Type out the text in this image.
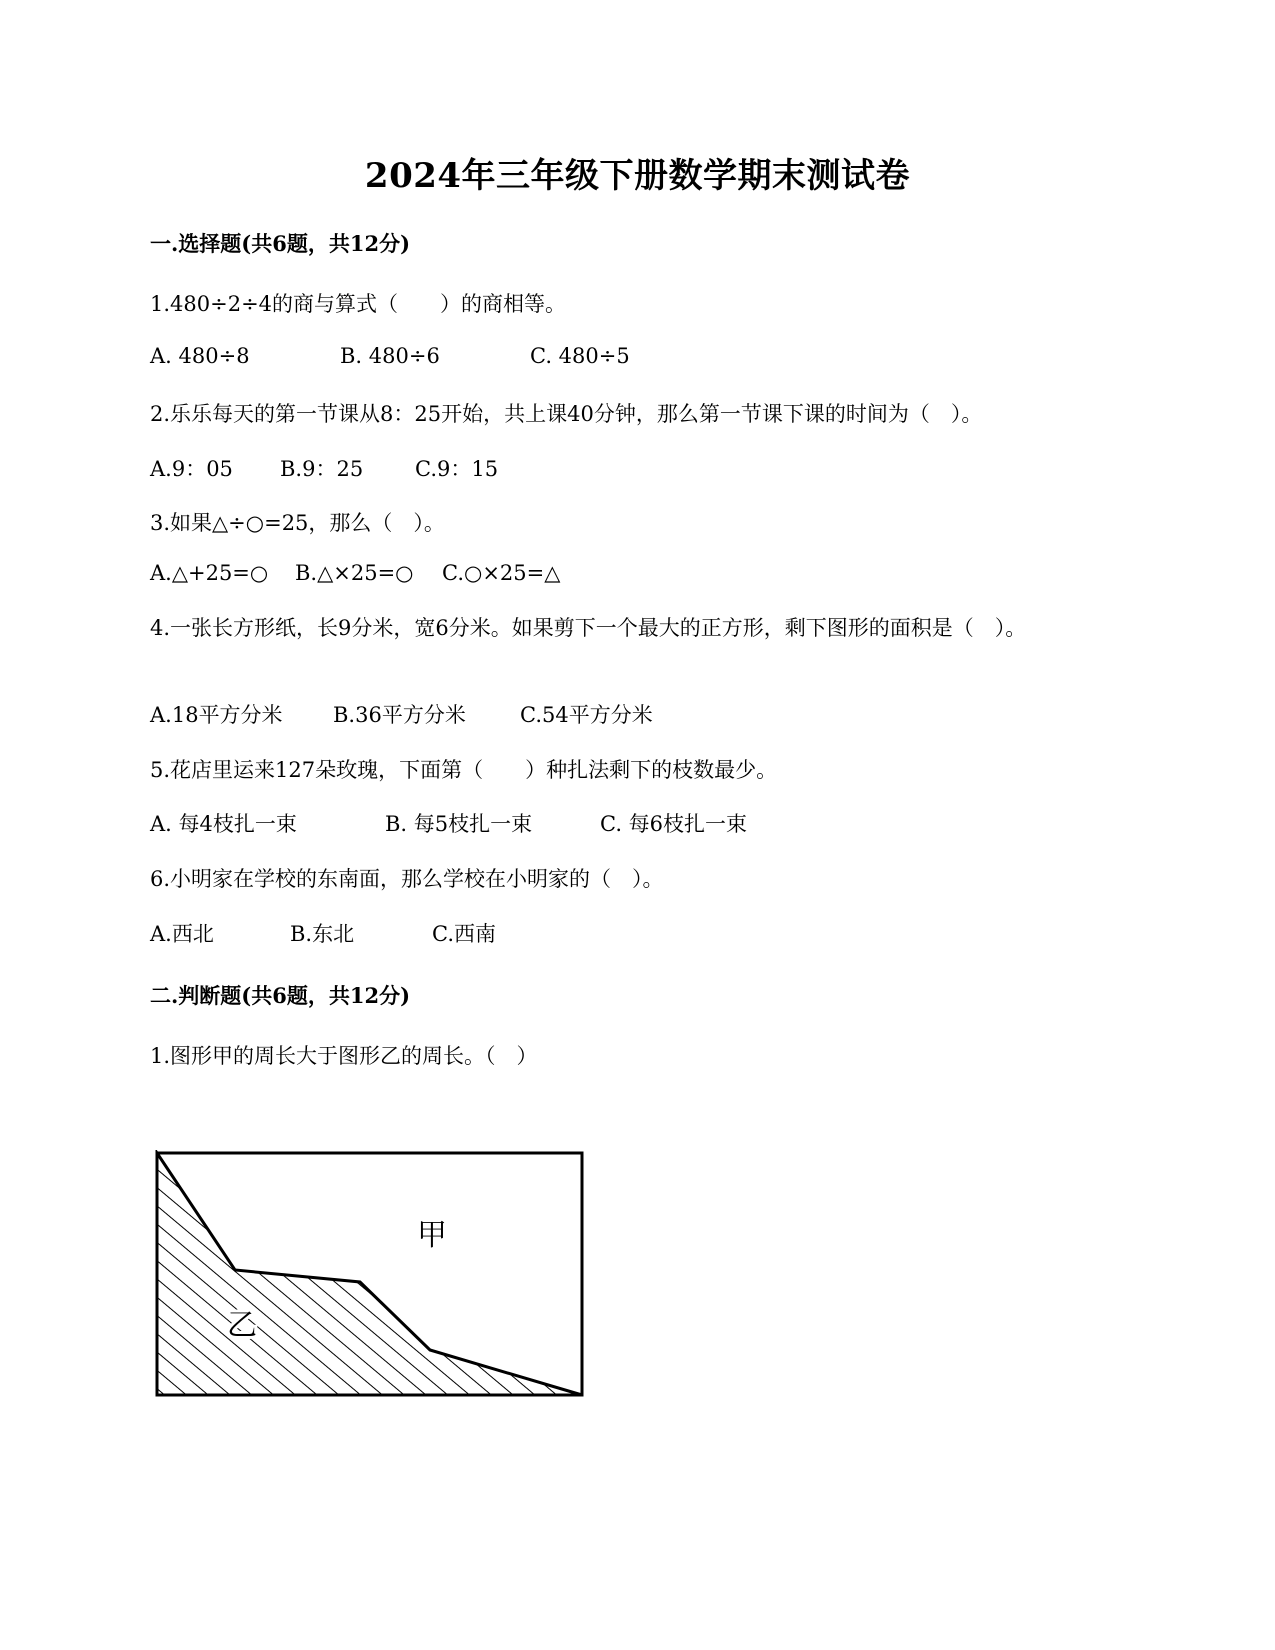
2024年三年级下册数学期末测试卷
一.选择题(共6题，共12分)
1.480÷2÷4的商与算式（　　）的商相等。
A. 480÷8	B. 480÷6	C. 480÷5
2.乐乐每天的第一节课从8：25开始，共上课40分钟，那么第一节课下课的时间为（　）。
A.9：05 B.9：25 C.9：15
3.如果△÷○=25，那么（　）。
A.△+25=○ B.△×25=○ C.○×25=△
4.一张长方形纸，长9分米，宽6分米。如果剪下一个最大的正方形，剩下图形的面积是（　）。
A.18平方分米 B.36平方分米	C.54平方分米
5.花店里运来127朵玫瑰，下面第（　　）种扎法剩下的枝数最少。
A. 每4枝扎一束	B. 每5枝扎一束	C. 每6枝扎一束
6.小明家在学校的东南面，那么学校在小明家的（　）。
A.西北	B.东北	C.西南
二.判断题(共6题，共12分)
1.图形甲的周长大于图形乙的周长。（　）
甲
乙
